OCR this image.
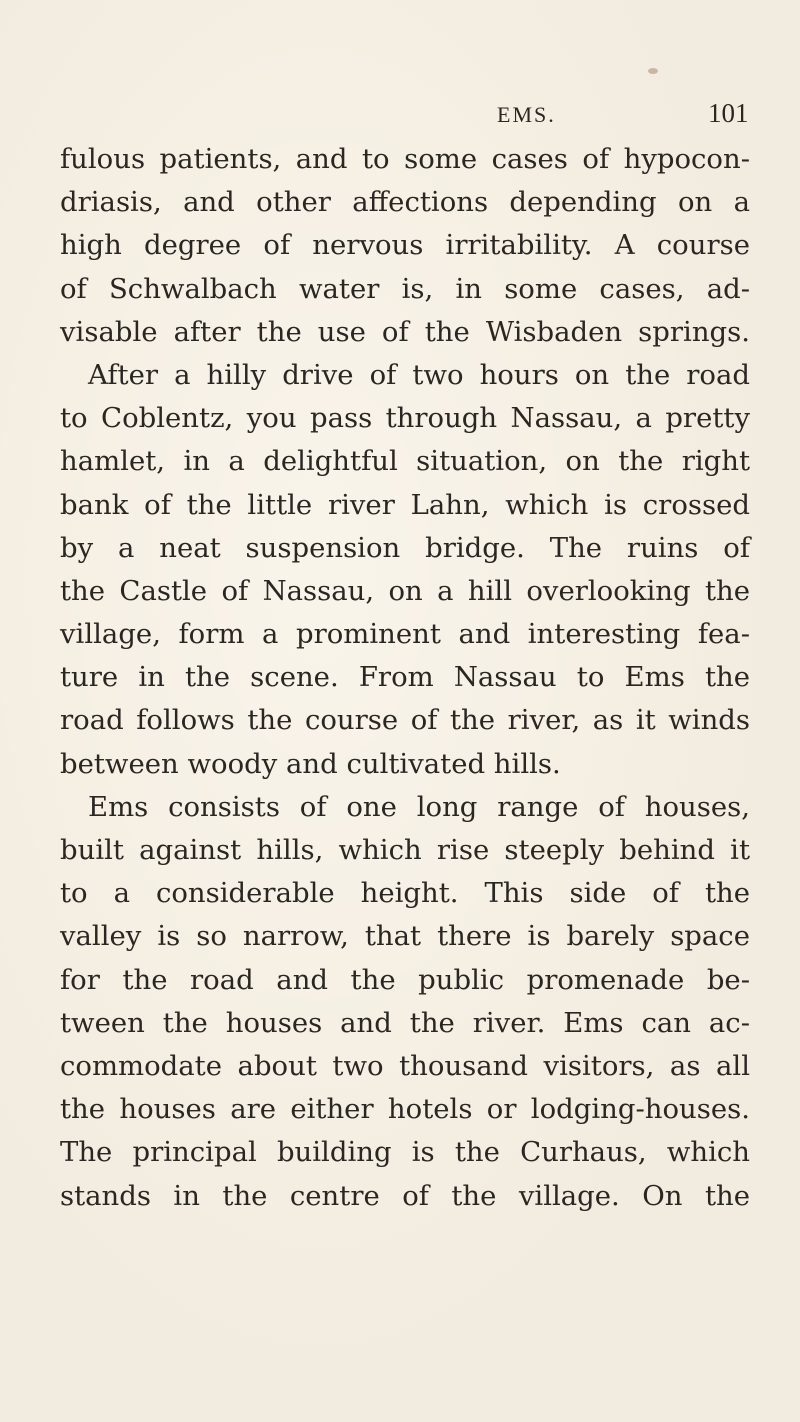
EMS.	101
fulous patients, and to some cases of hypocon-
driasis, and other affections depending on a
high degree of nervous irritability. A course
of Schwalbach water is, in some cases, ad-
visable after the use of the Wisbaden springs.
After a hilly drive of two hours on the road
to Coblentz, you pass through Nassau, a pretty
hamlet, in a delightful situation, on the right
bank of the little river Lahn, which is crossed
by a neat suspension bridge. The ruins of
the Castle of Nassau, on a hill overlooking the
village, form a prominent and interesting fea-
ture in the scene. From Nassau to Ems the
road follows the course of the river, as it winds
between woody and cultivated hills.
Ems consists of one long range of houses,
built against hills, which rise steeply behind it
to a considerable height. This side of the
valley is so narrow, that there is barely space
for the road and the public promenade be-
tween the houses and the river. Ems can ac-
commodate about two thousand visitors, as all
the houses are either hotels or lodging-houses.
The principal building is the Curhaus, which
stands in the centre of the village. On the
